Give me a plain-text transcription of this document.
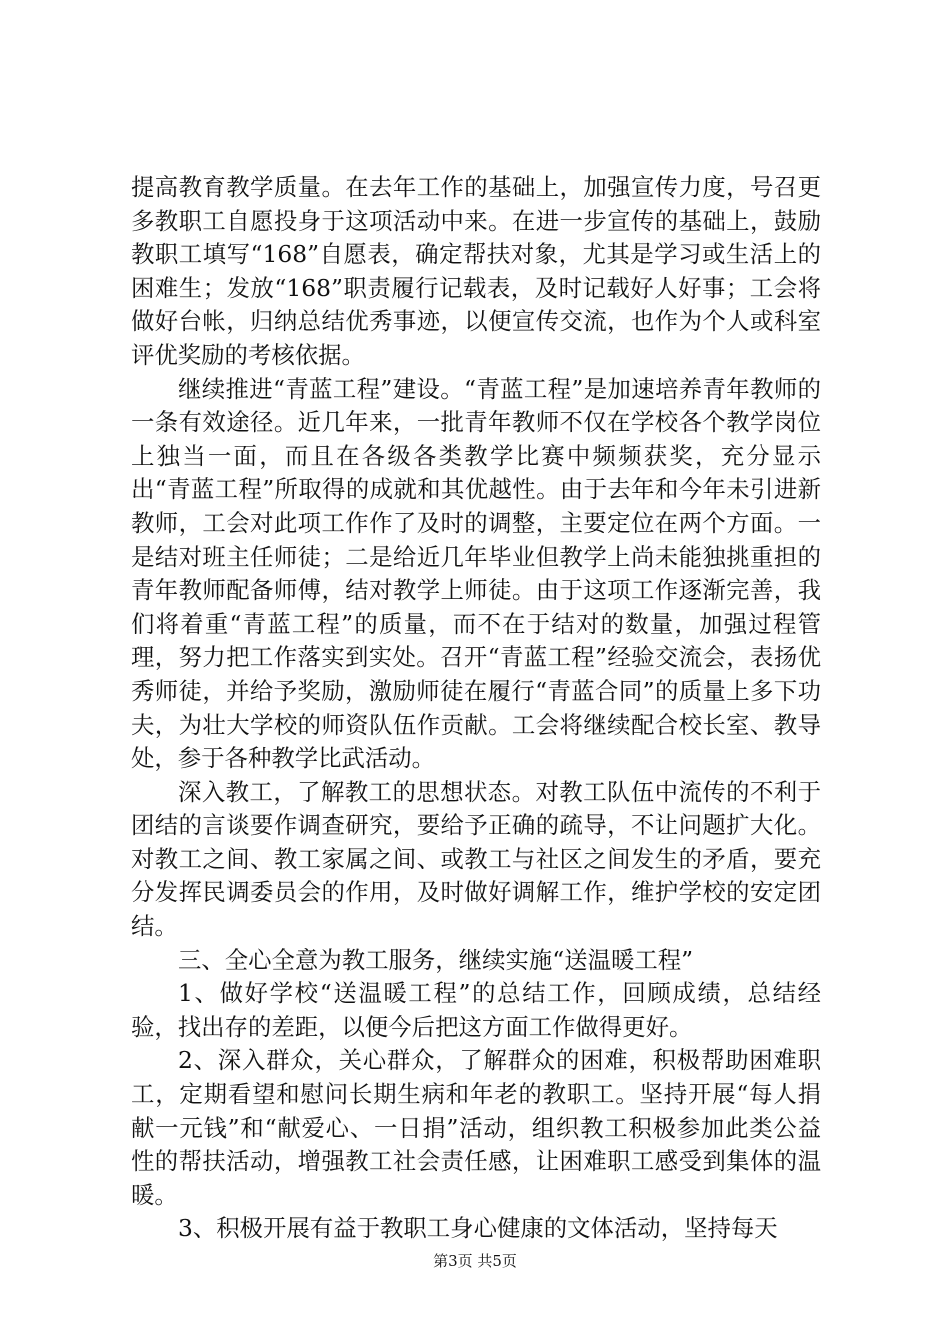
提高教育教学质量。在去年工作的基础上，加强宣传力度，号召更多教职工自愿投身于这项活动中来。在进一步宣传的基础上，鼓励教职工填写“168”自愿表，确定帮扶对象，尤其是学习或生活上的困难生；发放“168”职责履行记载表，及时记载好人好事；工会将做好台帐，归纳总结优秀事迹，以便宣传交流，也作为个人或科室评优奖励的考核依据。

继续推进“青蓝工程”建设。“青蓝工程”是加速培养青年教师的一条有效途径。近几年来，一批青年教师不仅在学校各个教学岗位上独当一面，而且在各级各类教学比赛中频频获奖，充分显示出“青蓝工程”所取得的成就和其优越性。由于去年和今年未引进新教师，工会对此项工作作了及时的调整，主要定位在两个方面。一是结对班主任师徒；二是给近几年毕业但教学上尚未能独挑重担的青年教师配备师傅，结对教学上师徒。由于这项工作逐渐完善，我们将着重“青蓝工程”的质量，而不在于结对的数量，加强过程管理，努力把工作落实到实处。召开“青蓝工程”经验交流会，表扬优秀师徒，并给予奖励，激励师徒在履行“青蓝合同”的质量上多下功夫，为壮大学校的师资队伍作贡献。工会将继续配合校长室、教导处，参于各种教学比武活动。

深入教工，了解教工的思想状态。对教工队伍中流传的不利于团结的言谈要作调查研究，要给予正确的疏导，不让问题扩大化。对教工之间、教工家属之间、或教工与社区之间发生的矛盾，要充分发挥民调委员会的作用，及时做好调解工作，维护学校的安定团结。

三、全心全意为教工服务，继续实施“送温暖工程”

1、做好学校“送温暖工程”的总结工作，回顾成绩，总结经验，找出存的差距，以便今后把这方面工作做得更好。

2、深入群众，关心群众，了解群众的困难，积极帮助困难职工，定期看望和慰问长期生病和年老的教职工。坚持开展“每人捐献一元钱”和“献爱心、一日捐”活动，组织教工积极参加此类公益性的帮扶活动，增强教工社会责任感，让困难职工感受到集体的温暖。

3、积极开展有益于教职工身心健康的文体活动，坚持每天

第3页 共5页
